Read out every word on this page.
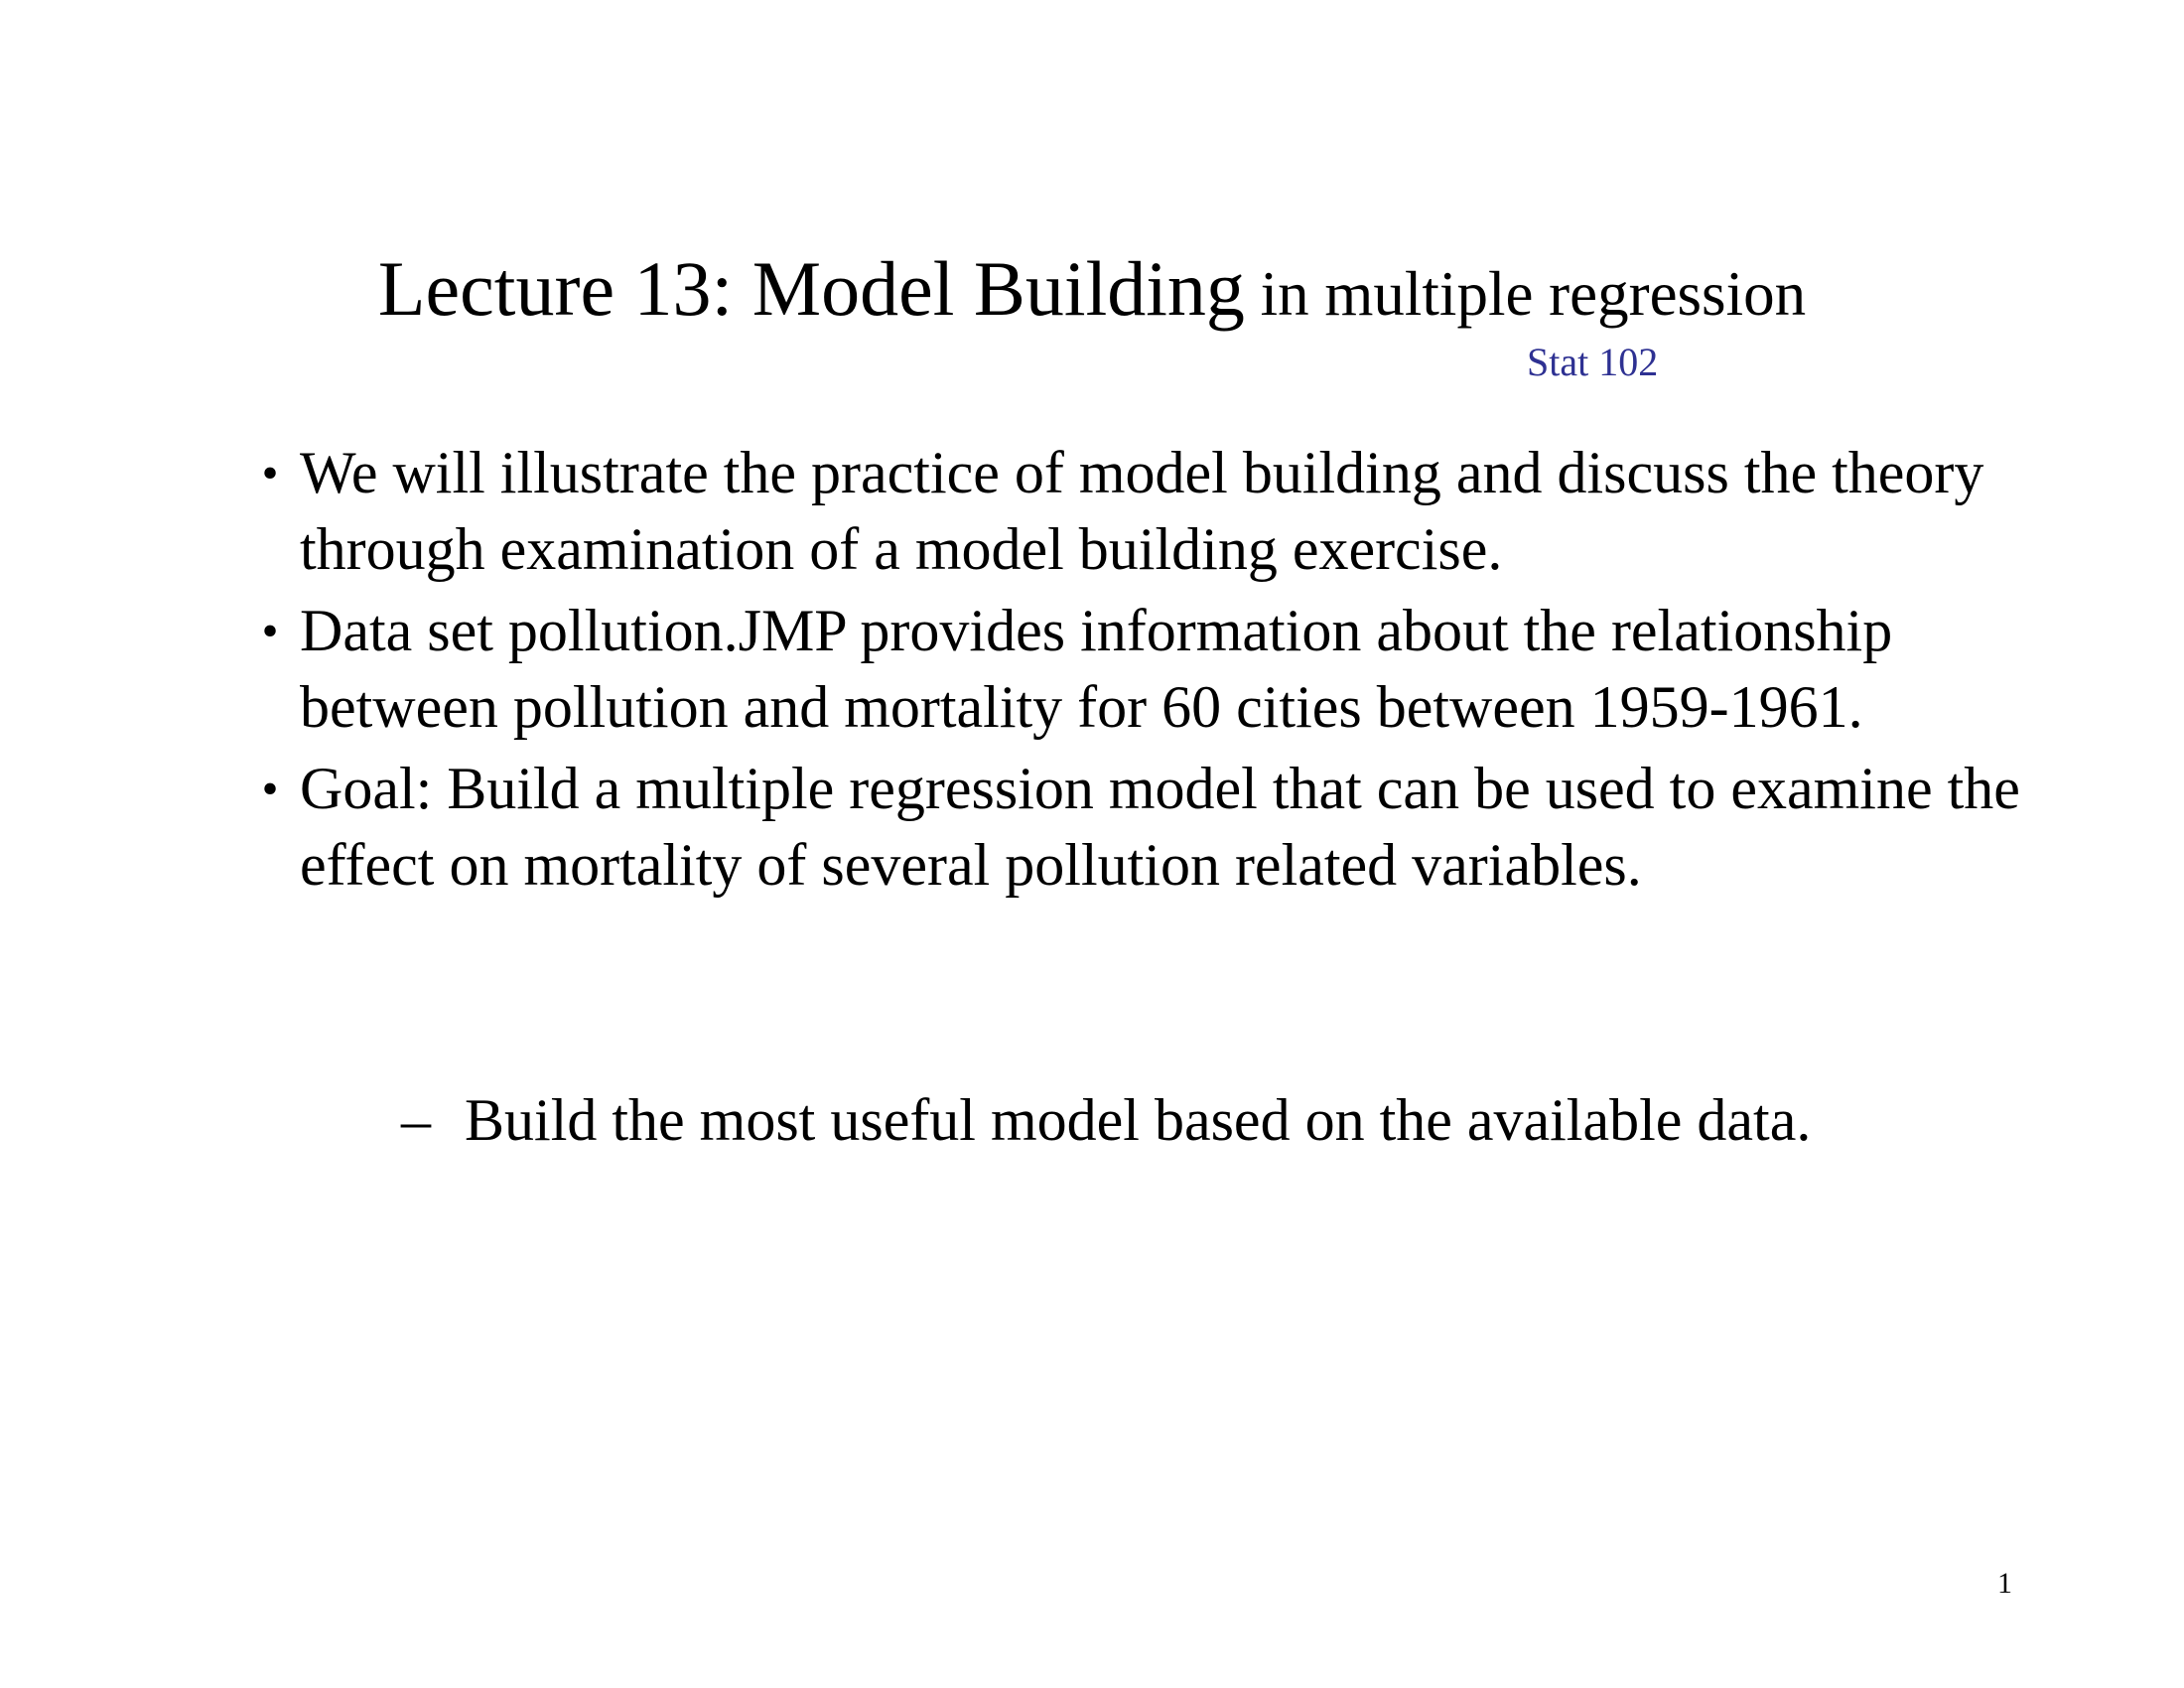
Lecture 13: Model Building in multiple regression
Stat 102
• We will illustrate the practice of model building and discuss the theory through examination of a model building exercise.
• Data set pollution.JMP provides information about the relationship between pollution and mortality for 60 cities between 1959-1961.
• Goal: Build a multiple regression model that can be used to examine the effect on mortality of several pollution related variables.
– Build the most useful model based on the available data.
1
